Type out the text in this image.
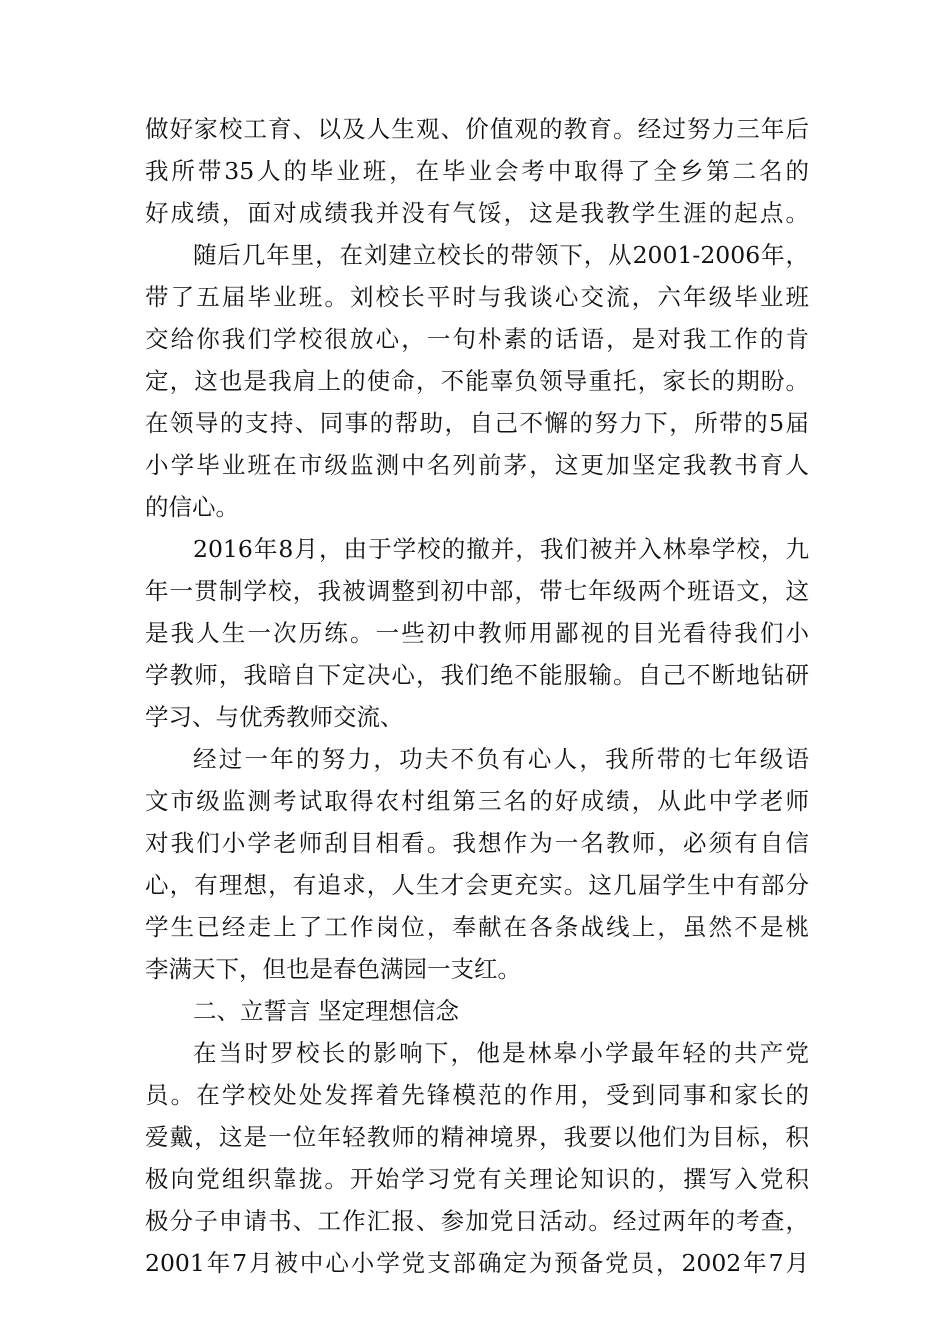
做好家校工育、以及人生观、价值观的教育。经过努力三年后
我所带35人的毕业班，在毕业会考中取得了全乡第二名的
好成绩，面对成绩我并没有气馁，这是我教学生涯的起点。
随后几年里，在刘建立校长的带领下，从2001-2006年，
带了五届毕业班。刘校长平时与我谈心交流，六年级毕业班
交给你我们学校很放心，一句朴素的话语，是对我工作的肯
定，这也是我肩上的使命，不能辜负领导重托，家长的期盼。
在领导的支持、同事的帮助，自己不懈的努力下，所带的5届
小学毕业班在市级监测中名列前茅，这更加坚定我教书育人
的信心。
2016年8月，由于学校的撤并，我们被并入林皋学校，九
年一贯制学校，我被调整到初中部，带七年级两个班语文，这
是我人生一次历练。一些初中教师用鄙视的目光看待我们小
学教师，我暗自下定决心，我们绝不能服输。自己不断地钻研
学习、与优秀教师交流、
经过一年的努力，功夫不负有心人，我所带的七年级语
文市级监测考试取得农村组第三名的好成绩，从此中学老师
对我们小学老师刮目相看。我想作为一名教师，必须有自信
心，有理想，有追求，人生才会更充实。这几届学生中有部分
学生已经走上了工作岗位，奉献在各条战线上，虽然不是桃
李满天下，但也是春色满园一支红。
二、立誓言 坚定理想信念
在当时罗校长的影响下，他是林皋小学最年轻的共产党
员。在学校处处发挥着先锋模范的作用，受到同事和家长的
爱戴，这是一位年轻教师的精神境界，我要以他们为目标，积
极向党组织靠拢。开始学习党有关理论知识的，撰写入党积
极分子申请书、工作汇报、参加党日活动。经过两年的考查，
2001年7月被中心小学党支部确定为预备党员，2002年7月
